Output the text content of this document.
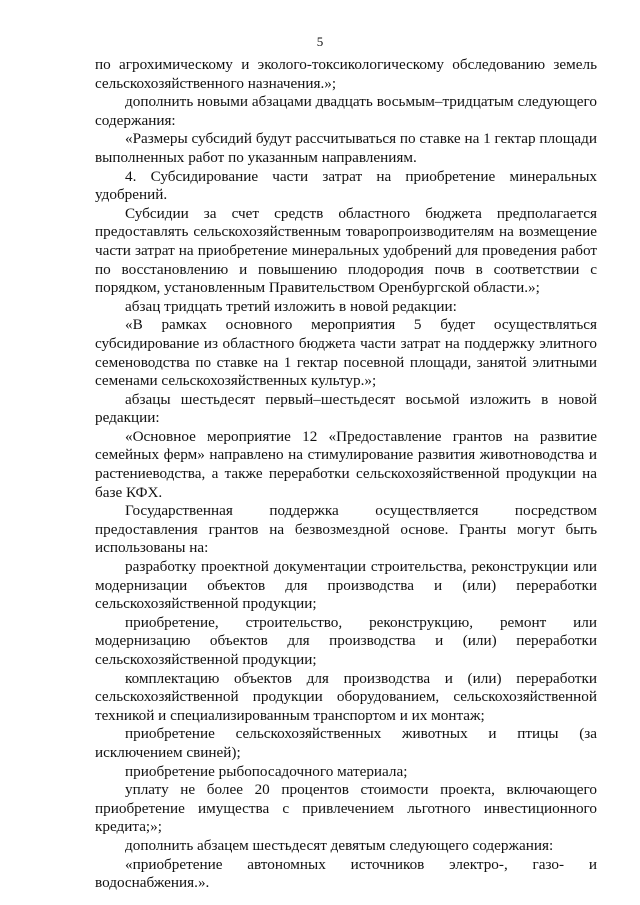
5

по агрохимическому и эколого-токсикологическому обследованию земель сельскохозяйственного назначения.»;

дополнить новыми абзацами двадцать восьмым–тридцатым следующего содержания:

«Размеры субсидий будут рассчитываться по ставке на 1 гектар площади выполненных работ по указанным направлениям.

4. Субсидирование части затрат на приобретение минеральных удобрений.

Субсидии за счет средств областного бюджета предполагается предоставлять сельскохозяйственным товаропроизводителям на возмещение части затрат на приобретение минеральных удобрений для проведения работ по восстановлению и повышению плодородия почв в соответствии с порядком, установленным Правительством Оренбургской области.»;

абзац тридцать третий изложить в новой редакции:

«В рамках основного мероприятия 5 будет осуществляться субсидирование из областного бюджета части затрат на поддержку элитного семеноводства по ставке на 1 гектар посевной площади, занятой элитными семенами сельскохозяйственных культур.»;

абзацы шестьдесят первый–шестьдесят восьмой изложить в новой редакции:

«Основное мероприятие 12 «Предоставление грантов на развитие семейных ферм» направлено на стимулирование развития животноводства и растениеводства, а также переработки сельскохозяйственной продукции на базе КФХ.

Государственная поддержка осуществляется посредством предоставления грантов на безвозмездной основе. Гранты могут быть использованы на:

разработку проектной документации строительства, реконструкции или модернизации объектов для производства и (или) переработки сельскохозяйственной продукции;

приобретение, строительство, реконструкцию, ремонт или модернизацию объектов для производства и (или) переработки сельскохозяйственной продукции;

комплектацию объектов для производства и (или) переработки сельскохозяйственной продукции оборудованием, сельскохозяйственной техникой и специализированным транспортом и их монтаж;

приобретение сельскохозяйственных животных и птицы (за исключением свиней);

приобретение рыбопосадочного материала;

уплату не более 20 процентов стоимости проекта, включающего приобретение имущества с привлечением льготного инвестиционного кредита;»;

дополнить абзацем шестьдесят девятым следующего содержания:

«приобретение автономных источников электро-, газо- и водоснабжения.».
